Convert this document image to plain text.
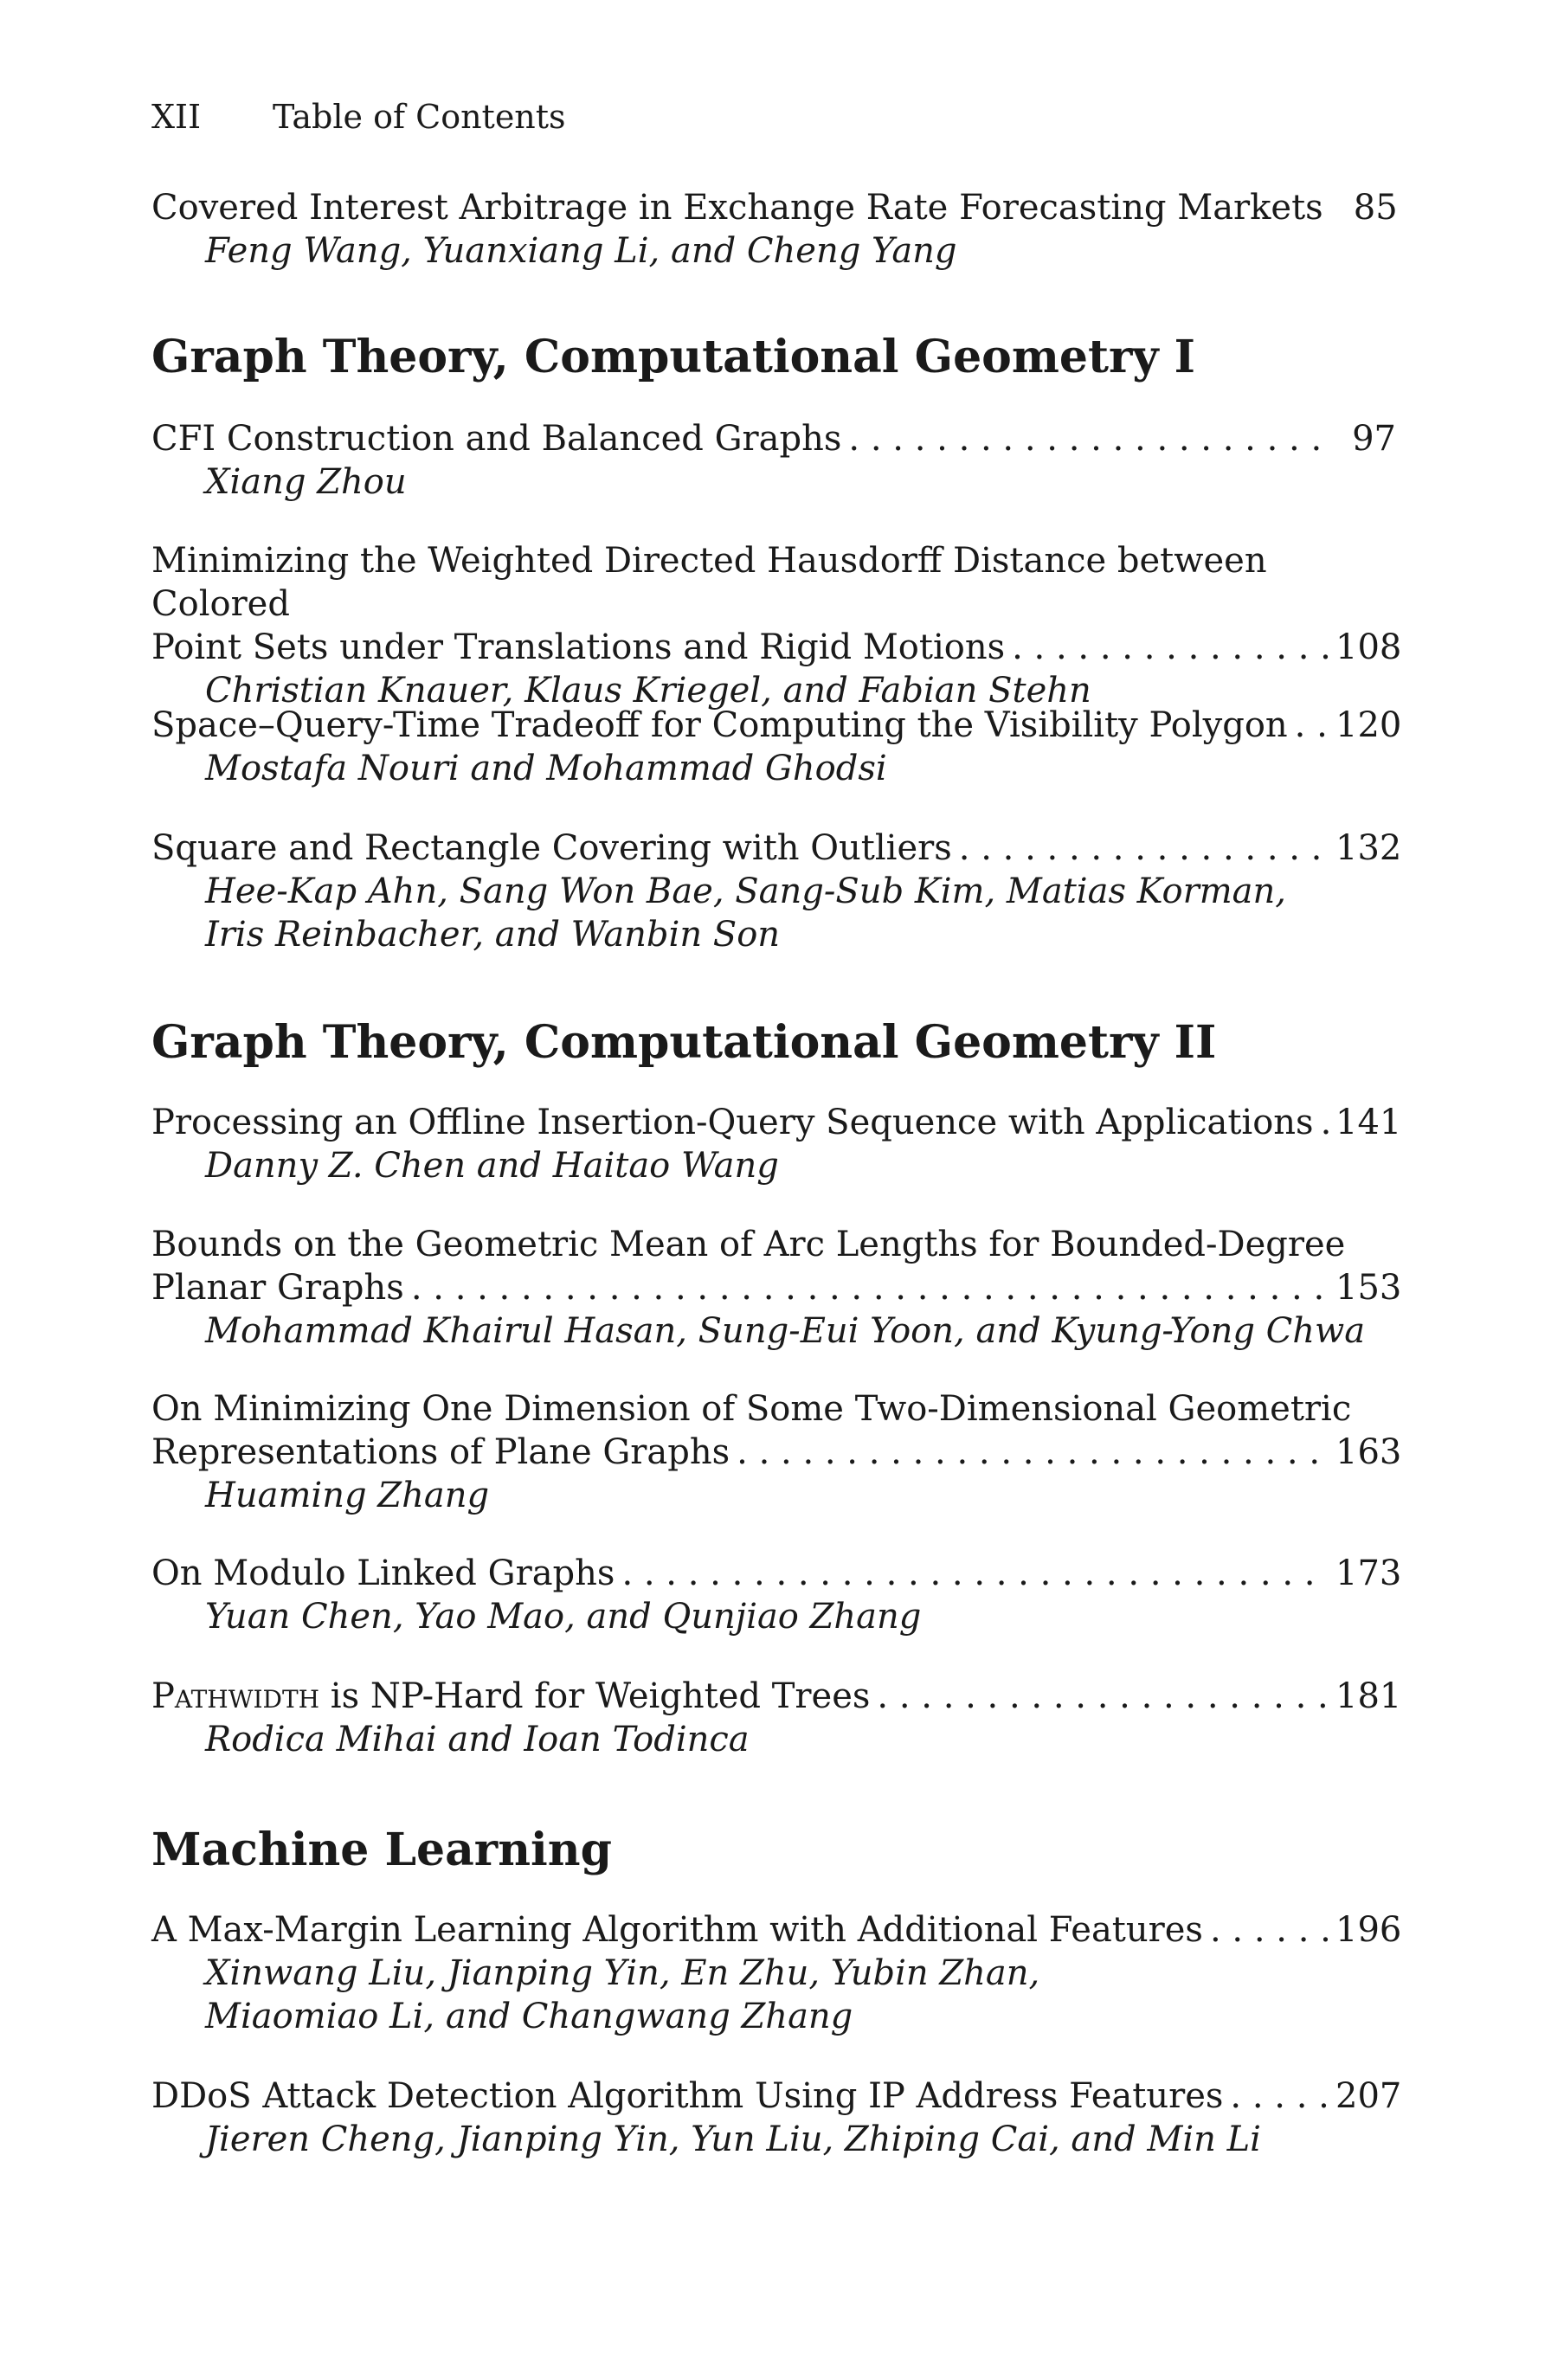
XII	Table of Contents
Covered Interest Arbitrage in Exchange Rate Forecasting Markets 85
Feng Wang, Yuanxiang Li, and Cheng Yang
Graph Theory, Computational Geometry I
CFI Construction and Balanced Graphs . . .	97
Xiang Zhou
Minimizing the Weighted Directed Hausdorff Distance between Colored
Point Sets under Translations and Rigid Motions . . .	108
Christian Knauer, Klaus Kriegel, and Fabian Stehn
Space–Query-Time Tradeoff for Computing the Visibility Polygon . . . 120
Mostafa Nouri and Mohammad Ghodsi
Square and Rectangle Covering with Outliers . . .	132
Hee-Kap Ahn, Sang Won Bae, Sang-Sub Kim, Matias Korman,
Iris Reinbacher, and Wanbin Son
Graph Theory, Computational Geometry II
Processing an Offline Insertion-Query Sequence with Applications . . . 141
Danny Z. Chen and Haitao Wang
Bounds on the Geometric Mean of Arc Lengths for Bounded-Degree
Planar Graphs . . .	153
Mohammad Khairul Hasan, Sung-Eui Yoon, and Kyung-Yong Chwa
On Minimizing One Dimension of Some Two-Dimensional Geometric
Representations of Plane Graphs . . .	163
Huaming Zhang
On Modulo Linked Graphs . . .	173
Yuan Chen, Yao Mao, and Qunjiao Zhang
Pathwidth is NP-Hard for Weighted Trees . . .	181
Rodica Mihai and Ioan Todinca
Machine Learning
A Max-Margin Learning Algorithm with Additional Features . . .	196
Xinwang Liu, Jianping Yin, En Zhu, Yubin Zhan,
Miaomiao Li, and Changwang Zhang
DDoS Attack Detection Algorithm Using IP Address Features . . .	207
Jieren Cheng, Jianping Yin, Yun Liu, Zhiping Cai, and Min Li
